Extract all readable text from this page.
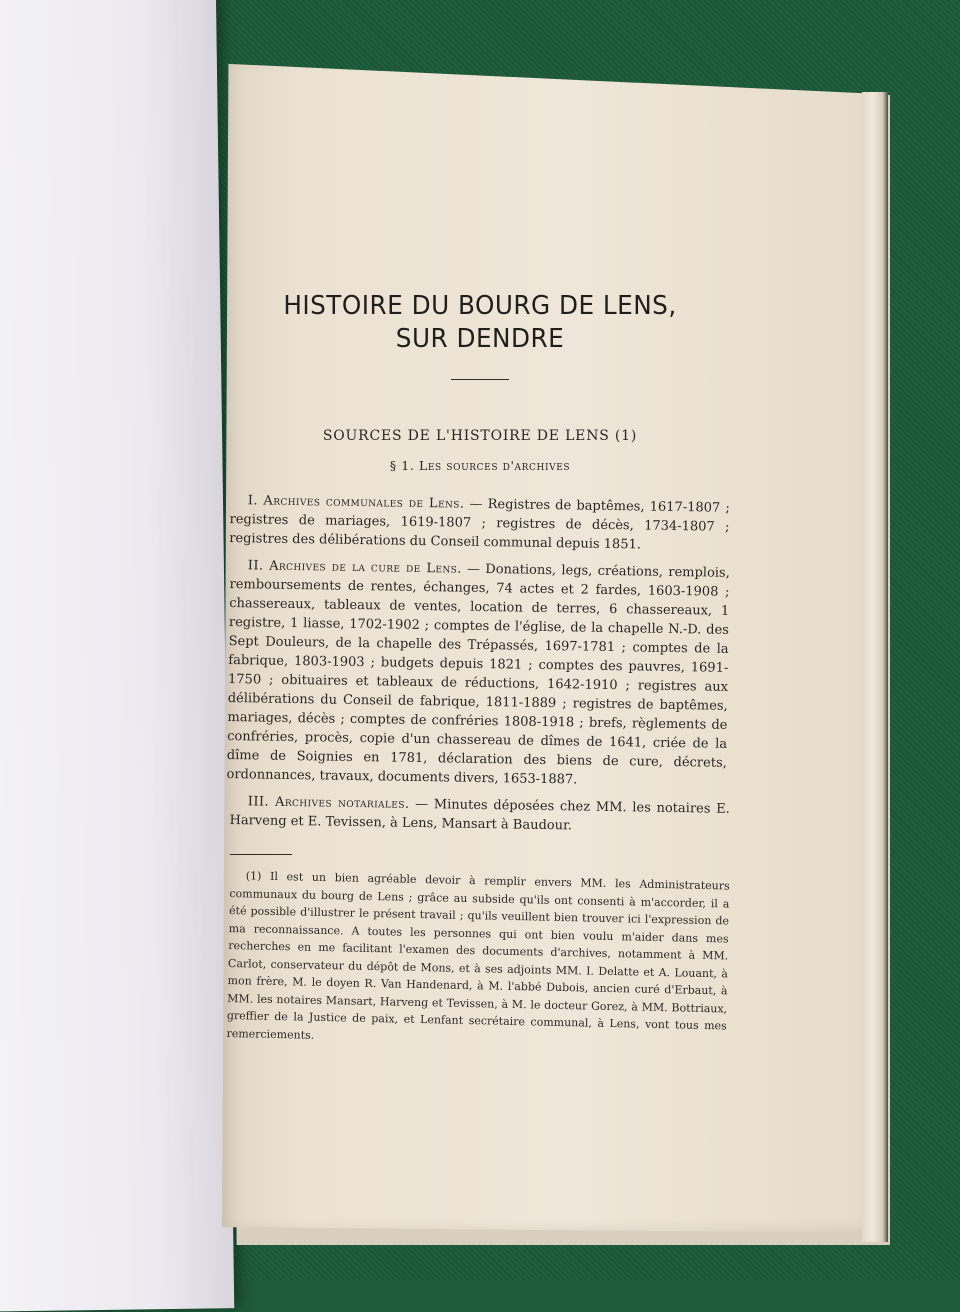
HISTOIRE DU BOURG DE LENS,
SUR DENDRE
SOURCES DE L'HISTOIRE DE LENS (1)
§ 1. Les sources d'archives

I. Archives communales de Lens. — Registres de baptêmes, 1617-1807 ; registres de mariages, 1619-1807 ; registres de décès, 1734-1807 ; registres des délibérations du Conseil communal depuis 1851.

II. Archives de la cure de Lens. — Donations, legs, créations, remplois, remboursements de rentes, échanges, 74 actes et 2 fardes, 1603-1908 ; chassereaux, tableaux de ventes, location de terres, 6 chassereaux, 1 registre, 1 liasse, 1702-1902 ; comptes de l'église, de la chapelle N.-D. des Sept Douleurs, de la chapelle des Trépassés, 1697-1781 ; comptes de la fabrique, 1803-1903 ; budgets depuis 1821 ; comptes des pauvres, 1691-1750 ; obituaires et tableaux de réductions, 1642-1910 ; registres aux délibérations du Conseil de fabrique, 1811-1889 ; registres de baptêmes, mariages, décès ; comptes de confréries 1808-1918 ; brefs, règlements de confréries, procès, copie d'un chassereau de dîmes de 1641, criée de la dîme de Soignies en 1781, déclaration des biens de cure, décrets, ordonnances, travaux, documents divers, 1653-1887.

III. Archives notariales. — Minutes déposées chez MM. les notaires E. Harveng et E. Tevissen, à Lens, Mansart à Baudour.

(1) Il est un bien agréable devoir à remplir envers MM. les Administrateurs communaux du bourg de Lens ; grâce au subside qu'ils ont consenti à m'accorder, il a été possible d'illustrer le présent travail ; qu'ils veuillent bien trouver ici l'expression de ma reconnaissance. A toutes les personnes qui ont bien voulu m'aider dans mes recherches en me facilitant l'examen des documents d'archives, notamment à MM. Carlot, conservateur du dépôt de Mons, et à ses adjoints MM. I. Delatte et A. Louant, à mon frère, M. le doyen R. Van Handenard, à M. l'abbé Dubois, ancien curé d'Erbaut, à MM. les notaires Mansart, Harveng et Tevissen, à M. le docteur Gorez, à MM. Bottriaux, greffier de la Justice de paix, et Lenfant secrétaire communal, à Lens, vont tous mes remerciements.
